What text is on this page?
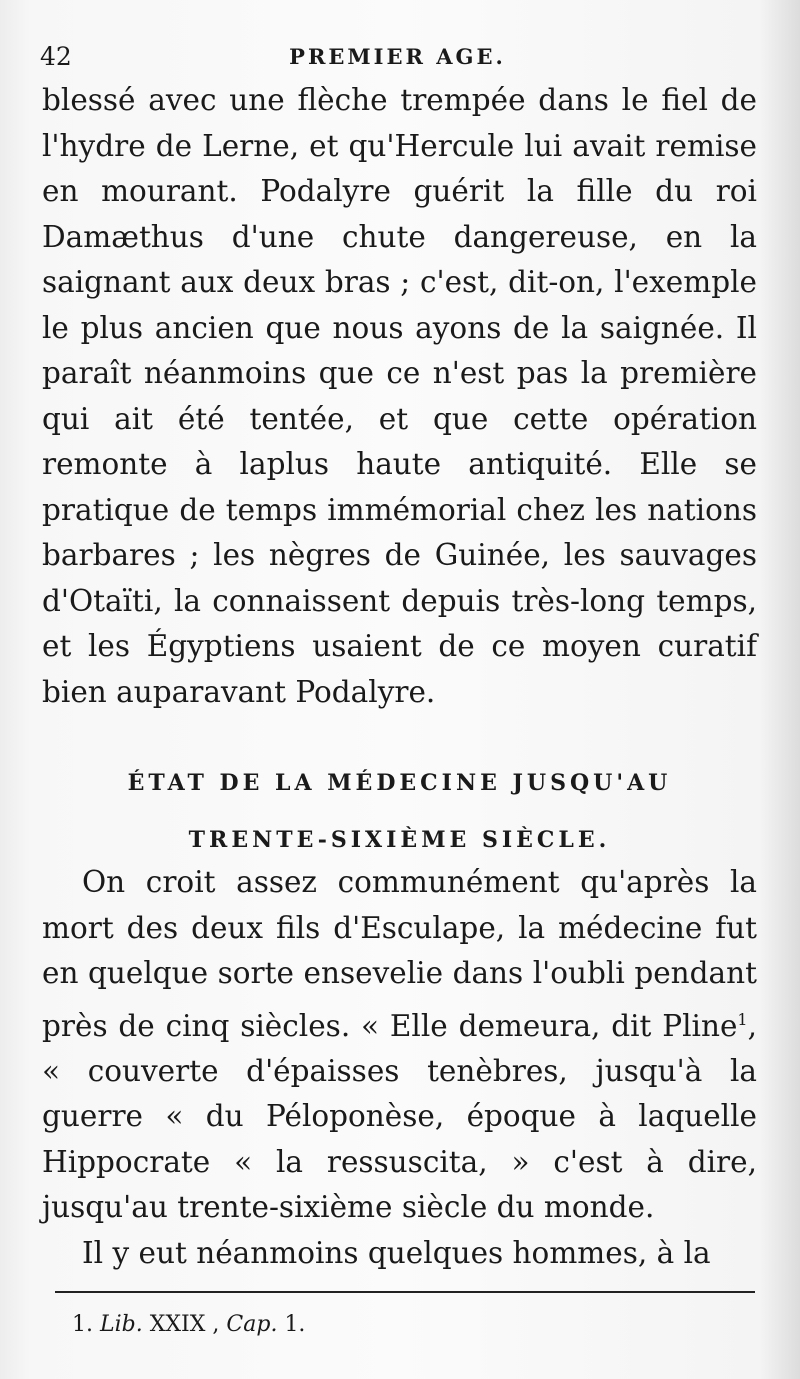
42	PREMIER AGE.

blessé avec une flèche trempée dans le fiel de l'hydre de Lerne, et qu'Hercule lui avait remise en mourant. Podalyre guérit la fille du roi Damæthus d'une chute dangereuse, en la saignant aux deux bras ; c'est, dit-on, l'exemple le plus ancien que nous ayons de la saignée. Il paraît néanmoins que ce n'est pas la première qui ait été tentée, et que cette opération remonte à laplus haute antiquité. Elle se pratique de temps immémorial chez les nations barbares ; les nègres de Guinée, les sauvages d'Otaïti, la connaissent depuis très-long temps, et les Égyptiens usaient de ce moyen curatif bien auparavant Podalyre.

ÉTAT DE LA MÉDECINE JUSQU'AU
TRENTE-SIXIÈME SIÈCLE.

On croit assez communément qu'après la mort des deux fils d'Esculape, la médecine fut en quelque sorte ensevelie dans l'oubli pendant près de cinq siècles. « Elle demeura, dit Pline$^1$, « couverte d'épaisses tenèbres, jusqu'à la guerre « du Péloponèse, époque à laquelle Hippocrate « la ressuscita, » c'est à dire, jusqu'au trente-sixième siècle du monde.

Il y eut néanmoins quelques hommes, à la

1. Lib. XXIX , Cap. 1.
